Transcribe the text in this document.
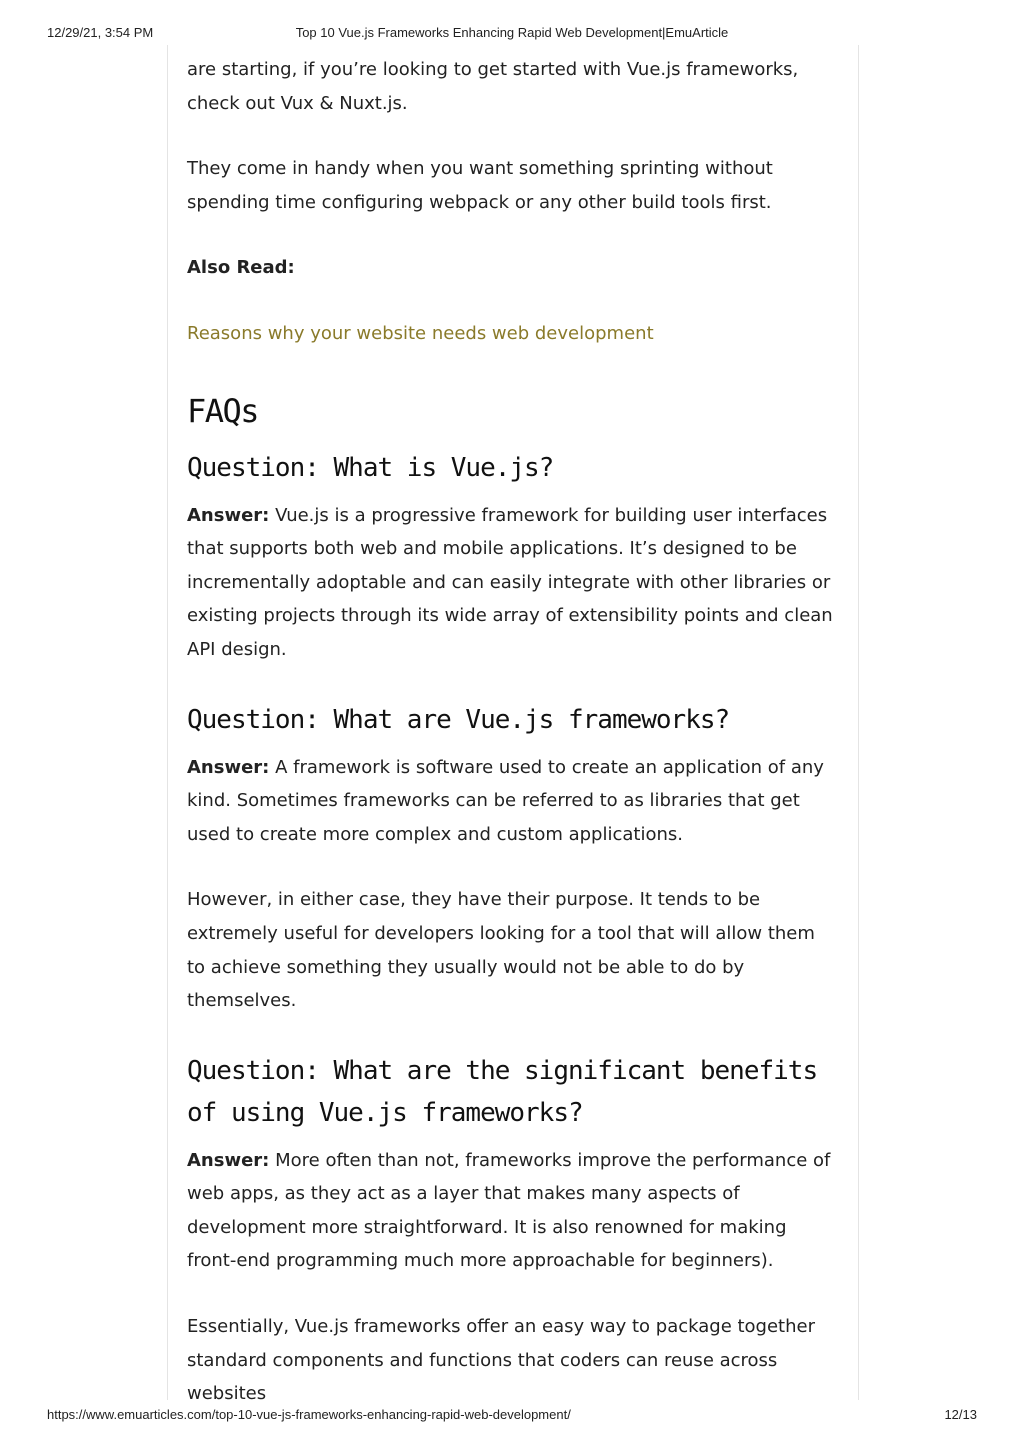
12/29/21, 3:54 PM	Top 10 Vue.js Frameworks Enhancing Rapid Web Development|EmuArticle

are starting, if you’re looking to get started with Vue.js frameworks, check out Vux & Nuxt.js.

They come in handy when you want something sprinting without spending time configuring webpack or any other build tools first.

Also Read:

Reasons why your website needs web development

FAQs
Question: What is Vue.js?

Answer: Vue.js is a progressive framework for building user interfaces that supports both web and mobile applications. It’s designed to be incrementally adoptable and can easily integrate with other libraries or existing projects through its wide array of extensibility points and clean API design.

Question: What are Vue.js frameworks?

Answer: A framework is software used to create an application of any kind. Sometimes frameworks can be referred to as libraries that get used to create more complex and custom applications.

However, in either case, they have their purpose. It tends to be extremely useful for developers looking for a tool that will allow them to achieve something they usually would not be able to do by themselves.

Question: What are the significant benefits of using Vue.js frameworks?

Answer: More often than not, frameworks improve the performance of web apps, as they act as a layer that makes many aspects of development more straightforward. It is also renowned for making front-end programming much more approachable for beginners).

Essentially, Vue.js frameworks offer an easy way to package together standard components and functions that coders can reuse across websites

https://www.emuarticles.com/top-10-vue-js-frameworks-enhancing-rapid-web-development/	12/13
